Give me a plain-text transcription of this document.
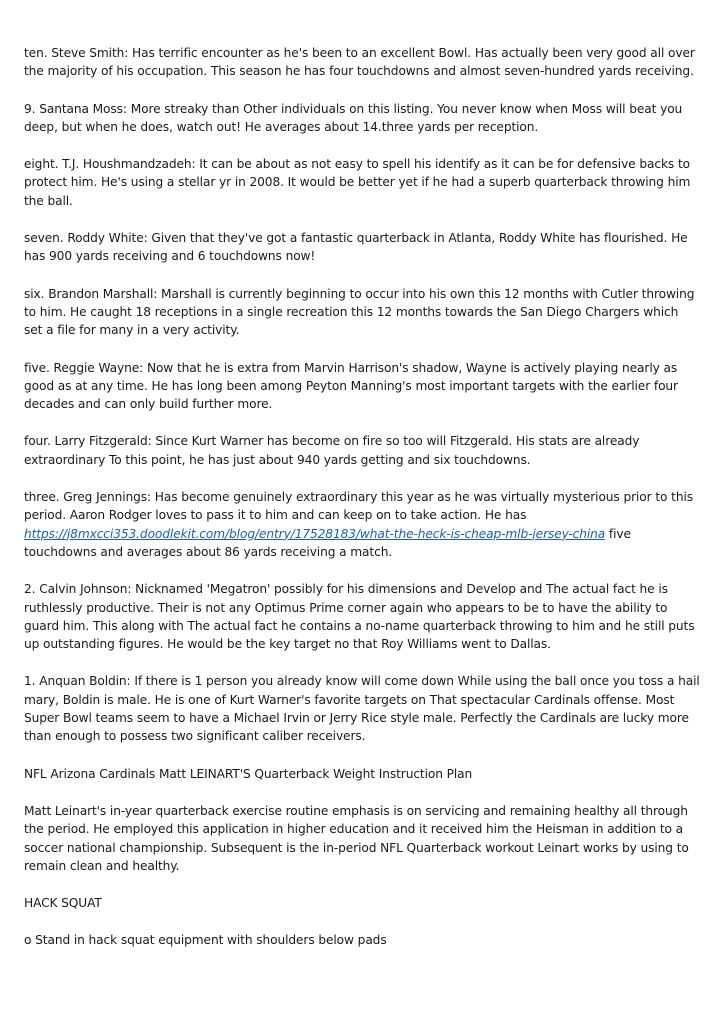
ten. Steve Smith: Has terrific encounter as he's been to an excellent Bowl. Has actually been very good all over the majority of his occupation. This season he has four touchdowns and almost seven-hundred yards receiving.

9. Santana Moss: More streaky than Other individuals on this listing. You never know when Moss will beat you deep, but when he does, watch out! He averages about 14.three yards per reception.

eight. T.J. Houshmandzadeh: It can be about as not easy to spell his identify as it can be for defensive backs to protect him. He's using a stellar yr in 2008. It would be better yet if he had a superb quarterback throwing him the ball.

seven. Roddy White: Given that they've got a fantastic quarterback in Atlanta, Roddy White has flourished. He has 900 yards receiving and 6 touchdowns now!

six. Brandon Marshall: Marshall is currently beginning to occur into his own this 12 months with Cutler throwing to him. He caught 18 receptions in a single recreation this 12 months towards the San Diego Chargers which set a file for many in a very activity.

five. Reggie Wayne: Now that he is extra from Marvin Harrison's shadow, Wayne is actively playing nearly as good as at any time. He has long been among Peyton Manning's most important targets with the earlier four decades and can only build further more.

four. Larry Fitzgerald: Since Kurt Warner has become on fire so too will Fitzgerald. His stats are already extraordinary To this point, he has just about 940 yards getting and six touchdowns.

three. Greg Jennings: Has become genuinely extraordinary this year as he was virtually mysterious prior to this period. Aaron Rodger loves to pass it to him and can keep on to take action. He has https://j8mxcci353.doodlekit.com/blog/entry/17528183/what-the-heck-is-cheap-mlb-jersey-china five touchdowns and averages about 86 yards receiving a match.

2. Calvin Johnson: Nicknamed 'Megatron' possibly for his dimensions and Develop and The actual fact he is ruthlessly productive. Their is not any Optimus Prime corner again who appears to be to have the ability to guard him. This along with The actual fact he contains a no-name quarterback throwing to him and he still puts up outstanding figures. He would be the key target no that Roy Williams went to Dallas.

1. Anquan Boldin: If there is 1 person you already know will come down While using the ball once you toss a hail mary, Boldin is male. He is one of Kurt Warner's favorite targets on That spectacular Cardinals offense. Most Super Bowl teams seem to have a Michael Irvin or Jerry Rice style male. Perfectly the Cardinals are lucky more than enough to possess two significant caliber receivers.

NFL Arizona Cardinals Matt LEINART'S Quarterback Weight Instruction Plan

Matt Leinart's in-year quarterback exercise routine emphasis is on servicing and remaining healthy all through the period. He employed this application in higher education and it received him the Heisman in addition to a soccer national championship. Subsequent is the in-period NFL Quarterback workout Leinart works by using to remain clean and healthy.

HACK SQUAT

o Stand in hack squat equipment with shoulders below pads
